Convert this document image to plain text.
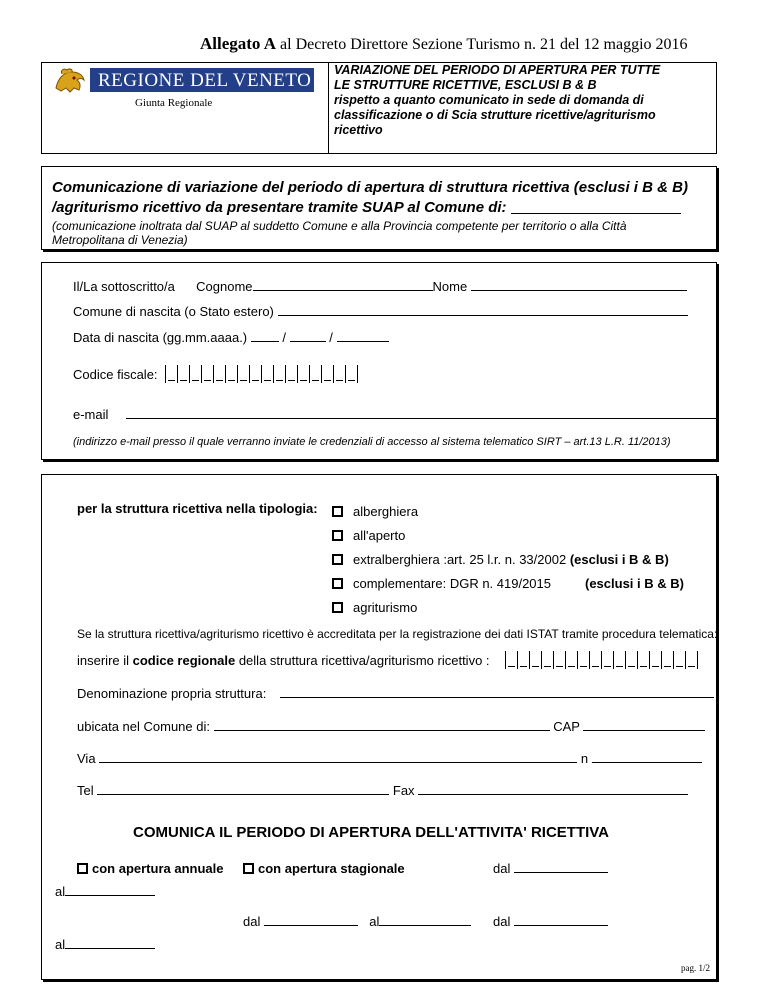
Allegato A al Decreto Direttore Sezione Turismo n. 21 del 12 maggio 2016
REGIONE DEL VENETO
Giunta Regionale
VARIAZIONE DEL PERIODO DI APERTURA PER TUTTE
LE STRUTTURE RICETTIVE, ESCLUSI B & B
rispetto a quanto comunicato in sede di domanda di
classificazione o di Scia strutture ricettive/agriturismo
ricettivo
Comunicazione di variazione del periodo di apertura di struttura ricettiva (esclusi i B & B)
/agriturismo ricettivo da presentare tramite SUAP al Comune di:
(comunicazione inoltrata dal SUAP al suddetto Comune e alla Provincia competente per territorio o alla Città
Metropolitana di Venezia)
Il/La sottoscritto/a Cognome	Nome
Comune di nascita (o Stato estero)
Data di nascita (gg.mm.aaaa.)	/	/
Codice fiscale:
e-mail
(indirizzo e-mail presso il quale verranno inviate le credenziali di accesso al sistema telematico SIRT – art.13 L.R. 11/2013)
per la struttura ricettiva nella tipologia:	alberghiera
all'aperto
extralberghiera :art. 25 l.r. n. 33/2002 (esclusi i B & B)
complementare: DGR n. 419/2015	(esclusi i B & B)
agriturismo
Se la struttura ricettiva/agriturismo ricettivo è accreditata per la registrazione dei dati ISTAT tramite procedura telematica:
inserire il codice regionale della struttura ricettiva/agriturismo ricettivo :
Denominazione propria struttura:
ubicata nel Comune di:	CAP
Via	n
Tel	Fax
COMUNICA IL PERIODO DI APERTURA DELL'ATTIVITA' RICETTIVA
con apertura annuale	con apertura stagionale	dal
al
dal	al	dal
al
pag. 1/2
